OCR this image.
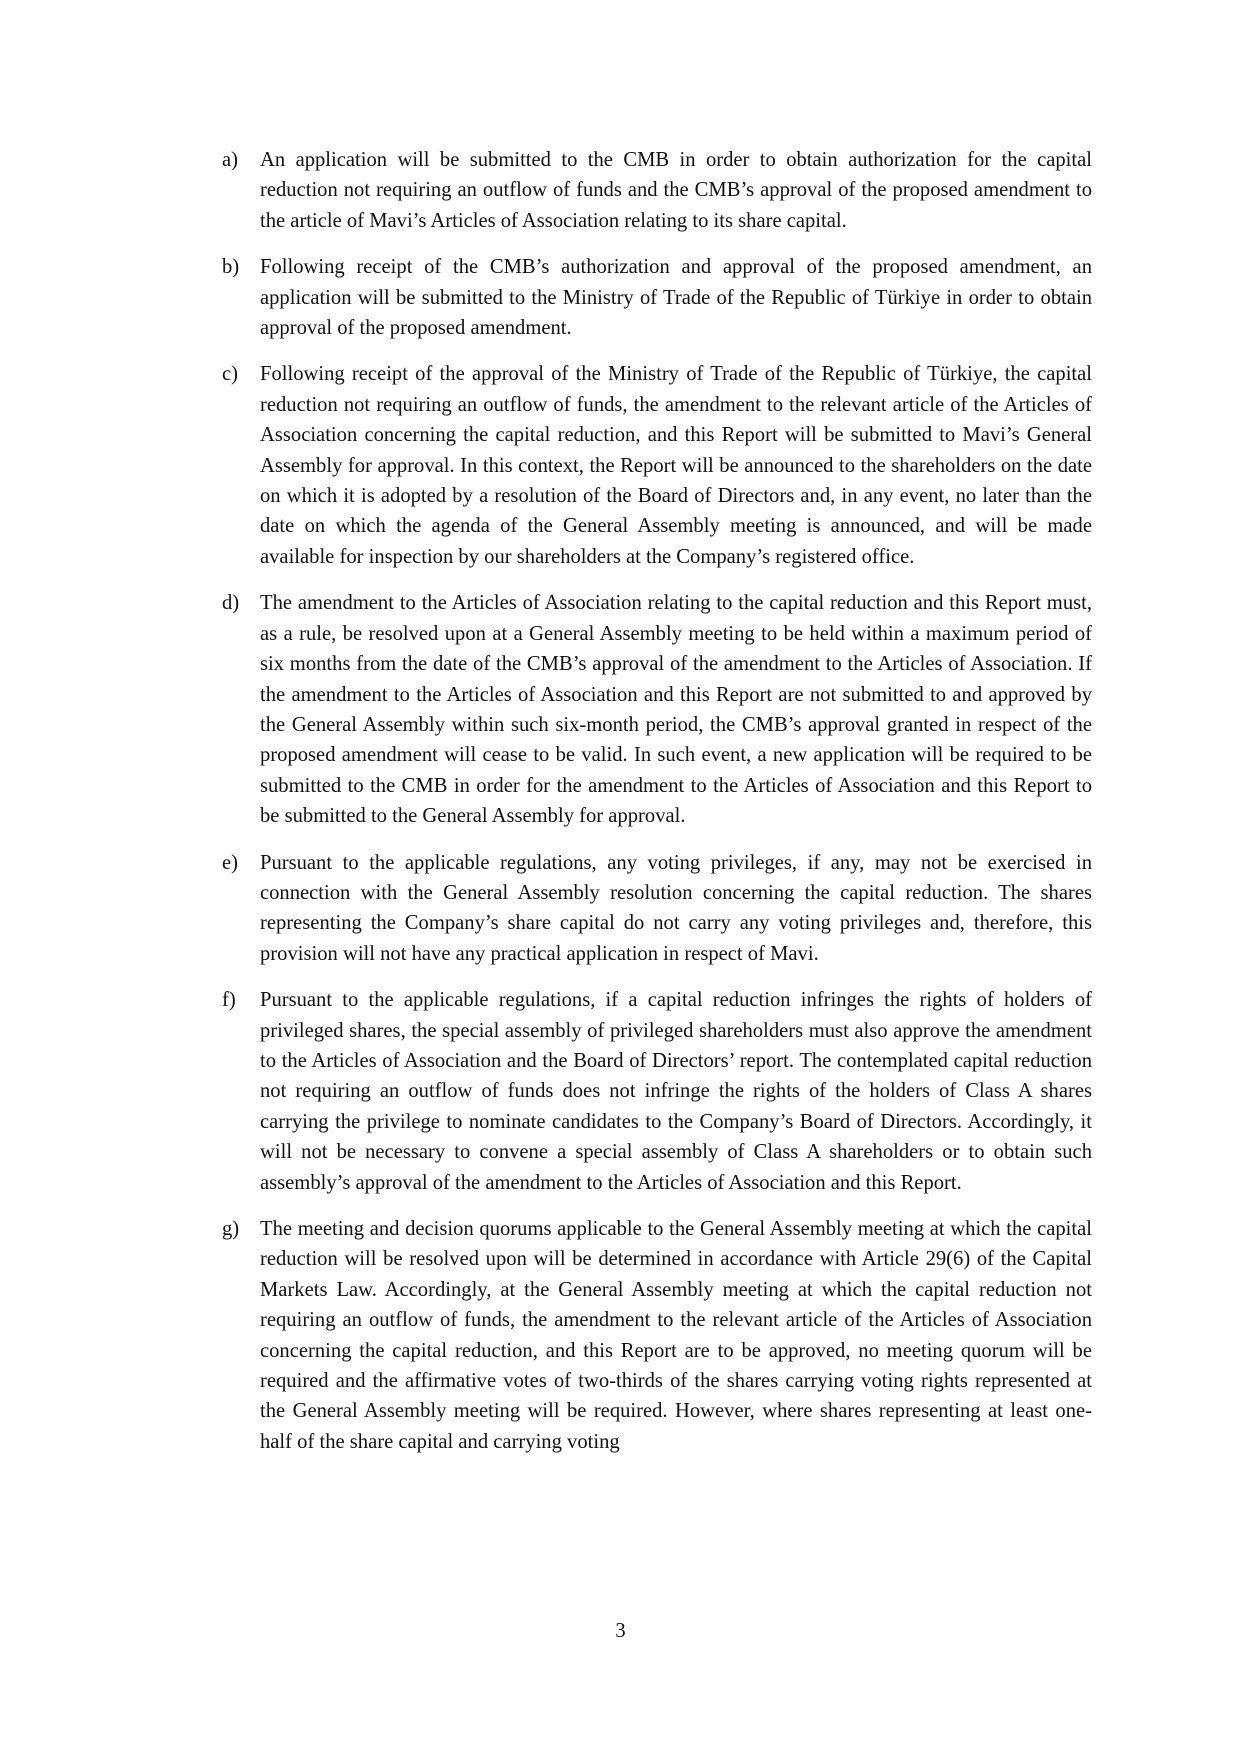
a) An application will be submitted to the CMB in order to obtain authorization for the capital reduction not requiring an outflow of funds and the CMB’s approval of the proposed amendment to the article of Mavi’s Articles of Association relating to its share capital.
b) Following receipt of the CMB’s authorization and approval of the proposed amendment, an application will be submitted to the Ministry of Trade of the Republic of Türkiye in order to obtain approval of the proposed amendment.
c) Following receipt of the approval of the Ministry of Trade of the Republic of Türkiye, the capital reduction not requiring an outflow of funds, the amendment to the relevant article of the Articles of Association concerning the capital reduction, and this Report will be submitted to Mavi’s General Assembly for approval. In this context, the Report will be announced to the shareholders on the date on which it is adopted by a resolution of the Board of Directors and, in any event, no later than the date on which the agenda of the General Assembly meeting is announced, and will be made available for inspection by our shareholders at the Company’s registered office.
d) The amendment to the Articles of Association relating to the capital reduction and this Report must, as a rule, be resolved upon at a General Assembly meeting to be held within a maximum period of six months from the date of the CMB’s approval of the amendment to the Articles of Association. If the amendment to the Articles of Association and this Report are not submitted to and approved by the General Assembly within such six-month period, the CMB’s approval granted in respect of the proposed amendment will cease to be valid. In such event, a new application will be required to be submitted to the CMB in order for the amendment to the Articles of Association and this Report to be submitted to the General Assembly for approval.
e) Pursuant to the applicable regulations, any voting privileges, if any, may not be exercised in connection with the General Assembly resolution concerning the capital reduction. The shares representing the Company’s share capital do not carry any voting privileges and, therefore, this provision will not have any practical application in respect of Mavi.
f) Pursuant to the applicable regulations, if a capital reduction infringes the rights of holders of privileged shares, the special assembly of privileged shareholders must also approve the amendment to the Articles of Association and the Board of Directors’ report. The contemplated capital reduction not requiring an outflow of funds does not infringe the rights of the holders of Class A shares carrying the privilege to nominate candidates to the Company’s Board of Directors. Accordingly, it will not be necessary to convene a special assembly of Class A shareholders or to obtain such assembly’s approval of the amendment to the Articles of Association and this Report.
g) The meeting and decision quorums applicable to the General Assembly meeting at which the capital reduction will be resolved upon will be determined in accordance with Article 29(6) of the Capital Markets Law. Accordingly, at the General Assembly meeting at which the capital reduction not requiring an outflow of funds, the amendment to the relevant article of the Articles of Association concerning the capital reduction, and this Report are to be approved, no meeting quorum will be required and the affirmative votes of two-thirds of the shares carrying voting rights represented at the General Assembly meeting will be required. However, where shares representing at least one-half of the share capital and carrying voting
3
